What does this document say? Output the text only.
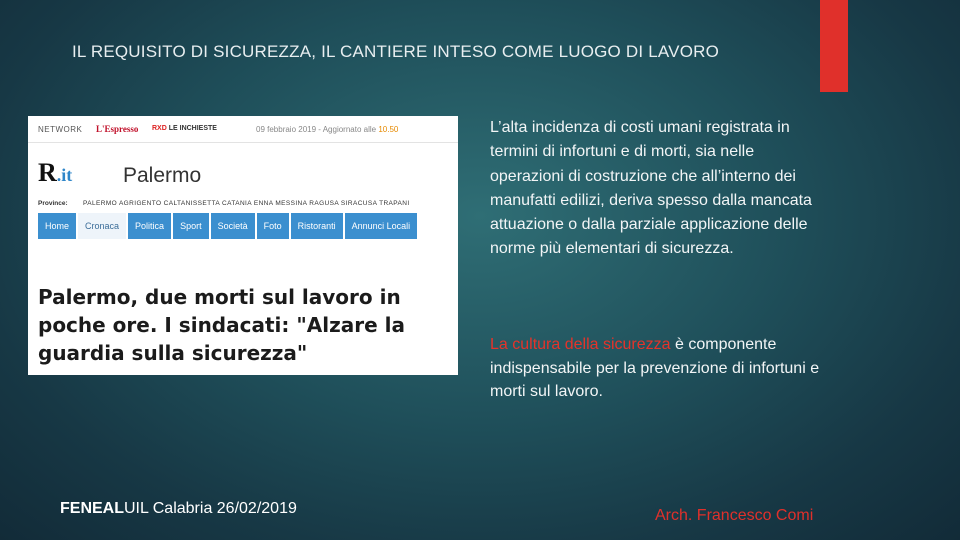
IL REQUISITO DI SICUREZZA, IL CANTIERE INTESO COME LUOGO DI LAVORO
NETWORK L'Espresso RXD LE INCHIESTE	09 febbraio 2019 - Aggiornato alle 10.50
R.it Palermo
Province: PALERMO AGRIGENTO CALTANISSETTA CATANIA ENNA MESSINA RAGUSA SIRACUSA TRAPANI
Home	Cronaca	Politica	Sport	Società	Foto	Ristoranti	Annunci Locali
Palermo, due morti sul lavoro in poche ore. I sindacati: "Alzare la guardia sulla sicurezza"
L’alta incidenza di costi umani registrata in termini di infortuni e di morti, sia nelle operazioni di costruzione che all’interno dei manufatti edilizi, deriva spesso dalla mancata attuazione o dalla parziale applicazione delle norme più elementari di sicurezza.
La cultura della sicurezza è componente indispensabile per la prevenzione di infortuni e morti sul lavoro.
FENEALUIL Calabria 26/02/2019	Arch. Francesco Comi
